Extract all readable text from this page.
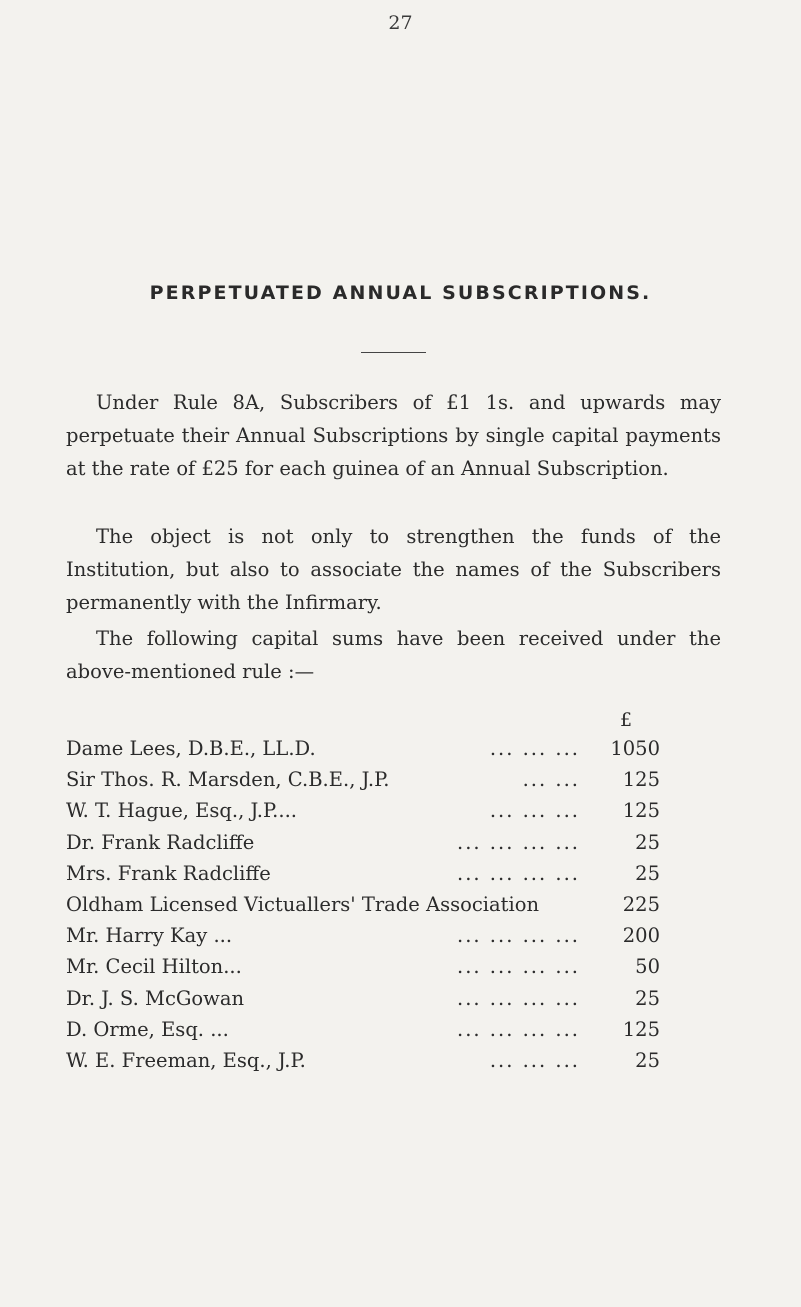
27
PERPETUATED ANNUAL SUBSCRIPTIONS.

Under Rule 8A, Subscribers of £1 1s. and upwards may perpetuate their Annual Subscriptions by single capital payments at the rate of £25 for each guinea of an Annual Subscription.

The object is not only to strengthen the funds of the Institution, but also to associate the names of the Subscribers permanently with the Infirmary.

The following capital sums have been received under the above-mentioned rule :—

£
Dame Lees, D.B.E., LL.D.	... ... ...	1050
Sir Thos. R. Marsden, C.B.E., J.P.	... ...	125
W. T. Hague, Esq., J.P....	... ... ...	125
Dr. Frank Radcliffe	... ... ... ...	25
Mrs. Frank Radcliffe	... ... ... ...	25
Oldham Licensed Victuallers' Trade Association	225
Mr. Harry Kay ...	... ... ... ...	200
Mr. Cecil Hilton...	... ... ... ...	50
Dr. J. S. McGowan	... ... ... ...	25
D. Orme, Esq. ...	... ... ... ...	125
W. E. Freeman, Esq., J.P.	... ... ...	25
